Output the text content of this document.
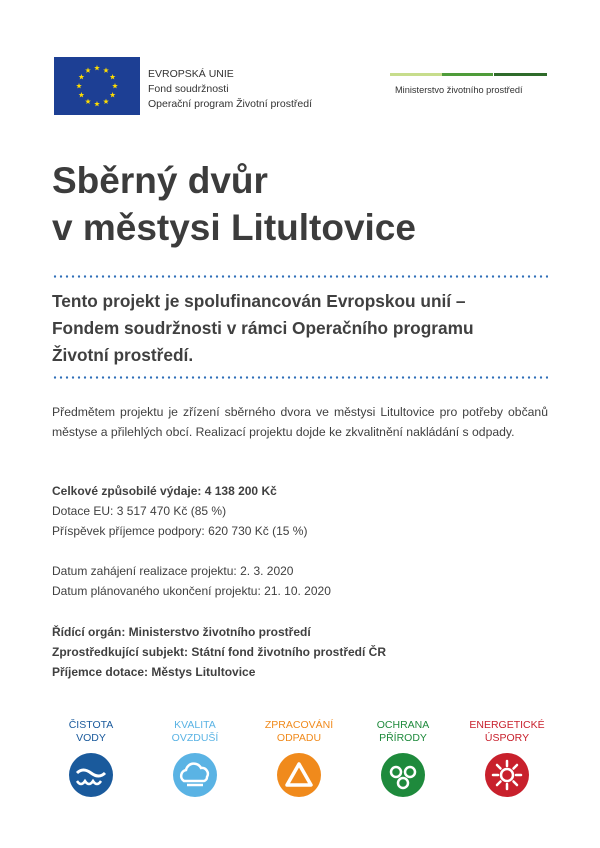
EVROPSKÁ UNIE
Fond soudržnosti
Operační program Životní prostředí
Ministerstvo životního prostředí
Sběrný dvůr
v městysi Litultovice
Tento projekt je spolufinancován Evropskou unií –
Fondem soudržnosti v rámci Operačního programu
Životní prostředí.
Předmětem projektu je zřízení sběrného dvora ve městysi Litultovice pro potřeby občanů městyse a přilehlých obcí. Realizací projektu dojde ke zkvalitnění nakládání s odpady.
Celkové způsobilé výdaje: 4 138 200 Kč
Dotace EU: 3 517 470 Kč (85 %)
Příspěvek příjemce podpory: 620 730 Kč (15 %)
Datum zahájení realizace projektu: 2. 3. 2020
Datum plánovaného ukončení projektu: 21. 10. 2020
Řídící orgán: Ministerstvo životního prostředí
Zprostředkující subjekt: Státní fond životního prostředí ČR
Příjemce dotace: Městys Litultovice
ČISTOTA
VODY
KVALITA
OVZDUŠÍ
ZPRACOVÁNÍ
ODPADU
OCHRANA
PŘÍRODY
ENERGETICKÉ
ÚSPORY
